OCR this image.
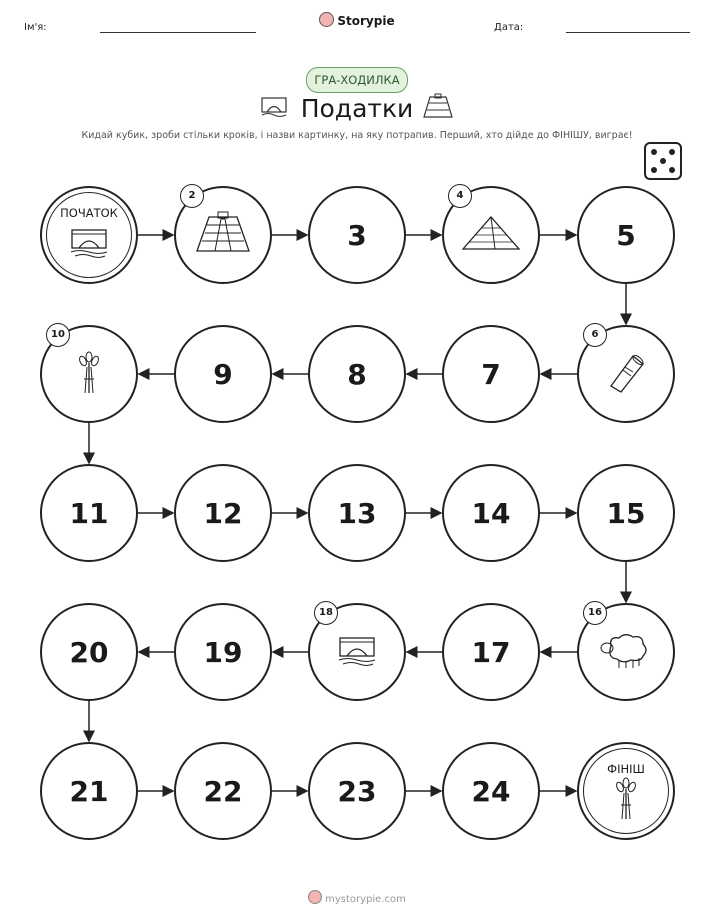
Ім'я:	Storypie	Дата:
ГРА-ХОДИЛКА
Податки
Кидай кубик, зроби стільки кроків, і назви картинку, на яку потрапив. Перший, хто дійде до ФІНІШУ, виграє!
ПОЧАТОК
2
3
4
5
6
7
8
9
10
11	12	13	14	15
16
17
18
19
20
21	22	23	24
ФІНІШ
mystorypie.com
